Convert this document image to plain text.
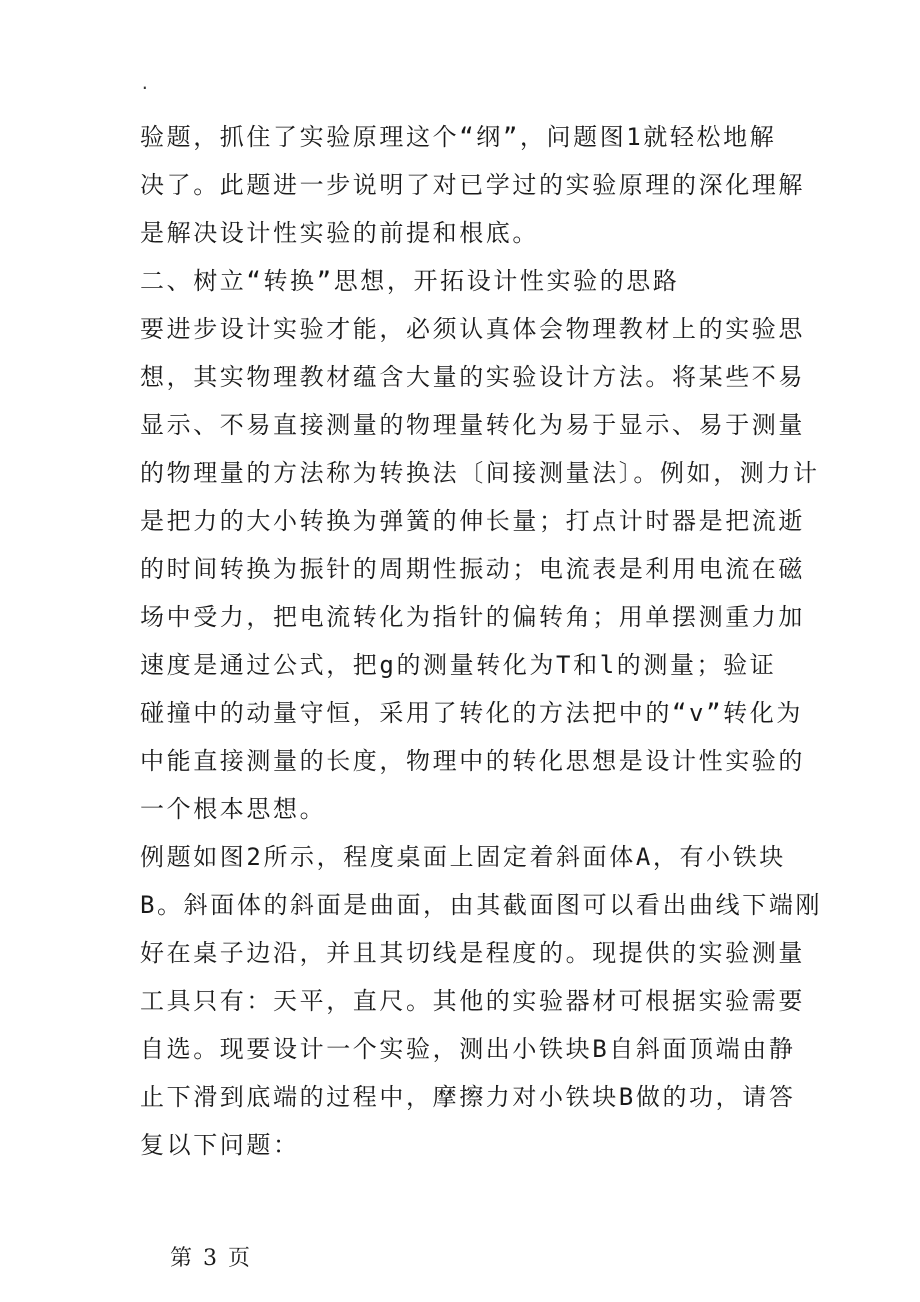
.
验题，抓住了实验原理这个“纲”，问题图1就轻松地解
决了。此题进一步说明了对已学过的实验原理的深化理解
是解决设计性实验的前提和根底。
二、树立“转换”思想，开拓设计性实验的思路
要进步设计实验才能，必须认真体会物理教材上的实验思
想，其实物理教材蕴含大量的实验设计方法。将某些不易
显示、不易直接测量的物理量转化为易于显示、易于测量
的物理量的方法称为转换法〔间接测量法〕。例如，测力计
是把力的大小转换为弹簧的伸长量；打点计时器是把流逝
的时间转换为振针的周期性振动；电流表是利用电流在磁
场中受力，把电流转化为指针的偏转角；用单摆测重力加
速度是通过公式，把g的测量转化为T和l的测量；验证
碰撞中的动量守恒，采用了转化的方法把中的“v”转化为
中能直接测量的长度，物理中的转化思想是设计性实验的
一个根本思想。
例题如图2所示，程度桌面上固定着斜面体A，有小铁块
B。斜面体的斜面是曲面，由其截面图可以看出曲线下端刚
好在桌子边沿，并且其切线是程度的。现提供的实验测量
工具只有：天平，直尺。其他的实验器材可根据实验需要
自选。现要设计一个实验，测出小铁块B自斜面顶端由静
止下滑到底端的过程中，摩擦力对小铁块B做的功，请答
复以下问题：
第 3 页
